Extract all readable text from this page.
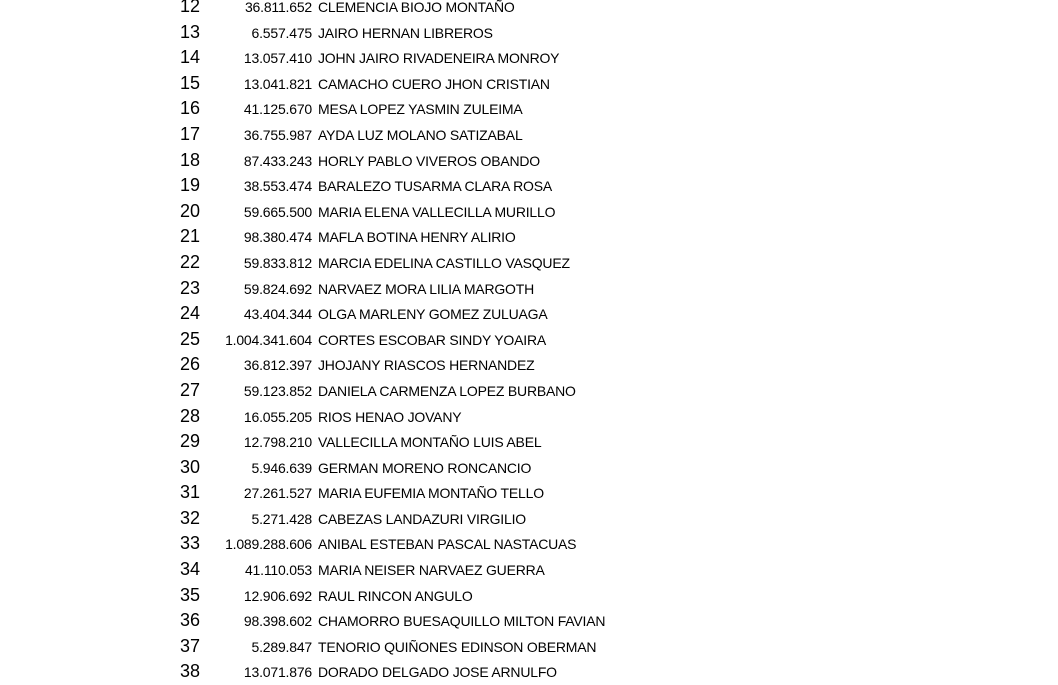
12	36.811.652 CLEMENCIA BIOJO MONTAÑO
13	6.557.475 JAIRO HERNAN LIBREROS
14	13.057.410 JOHN JAIRO RIVADENEIRA MONROY
15	13.041.821 CAMACHO CUERO JHON CRISTIAN
16	41.125.670 MESA LOPEZ YASMIN ZULEIMA
17	36.755.987 AYDA LUZ MOLANO SATIZABAL
18	87.433.243 HORLY PABLO VIVEROS OBANDO
19	38.553.474 BARALEZO TUSARMA CLARA ROSA
20	59.665.500 MARIA ELENA VALLECILLA MURILLO
21	98.380.474 MAFLA BOTINA HENRY ALIRIO
22	59.833.812 MARCIA EDELINA CASTILLO VASQUEZ
23	59.824.692 NARVAEZ MORA LILIA MARGOTH
24	43.404.344 OLGA MARLENY GOMEZ ZULUAGA
25	1.004.341.604 CORTES ESCOBAR SINDY YOAIRA
26	36.812.397 JHOJANY RIASCOS HERNANDEZ
27	59.123.852 DANIELA CARMENZA LOPEZ BURBANO
28	16.055.205 RIOS HENAO JOVANY
29	12.798.210 VALLECILLA MONTAÑO LUIS ABEL
30	5.946.639 GERMAN MORENO RONCANCIO
31	27.261.527 MARIA EUFEMIA MONTAÑO TELLO
32	5.271.428 CABEZAS LANDAZURI VIRGILIO
33	1.089.288.606 ANIBAL ESTEBAN PASCAL NASTACUAS
34	41.110.053 MARIA NEISER NARVAEZ GUERRA
35	12.906.692 RAUL RINCON ANGULO
36	98.398.602 CHAMORRO BUESAQUILLO MILTON FAVIAN
37	5.289.847 TENORIO QUIÑONES EDINSON OBERMAN
38	13.071.876 DORADO DELGADO JOSE ARNULFO
